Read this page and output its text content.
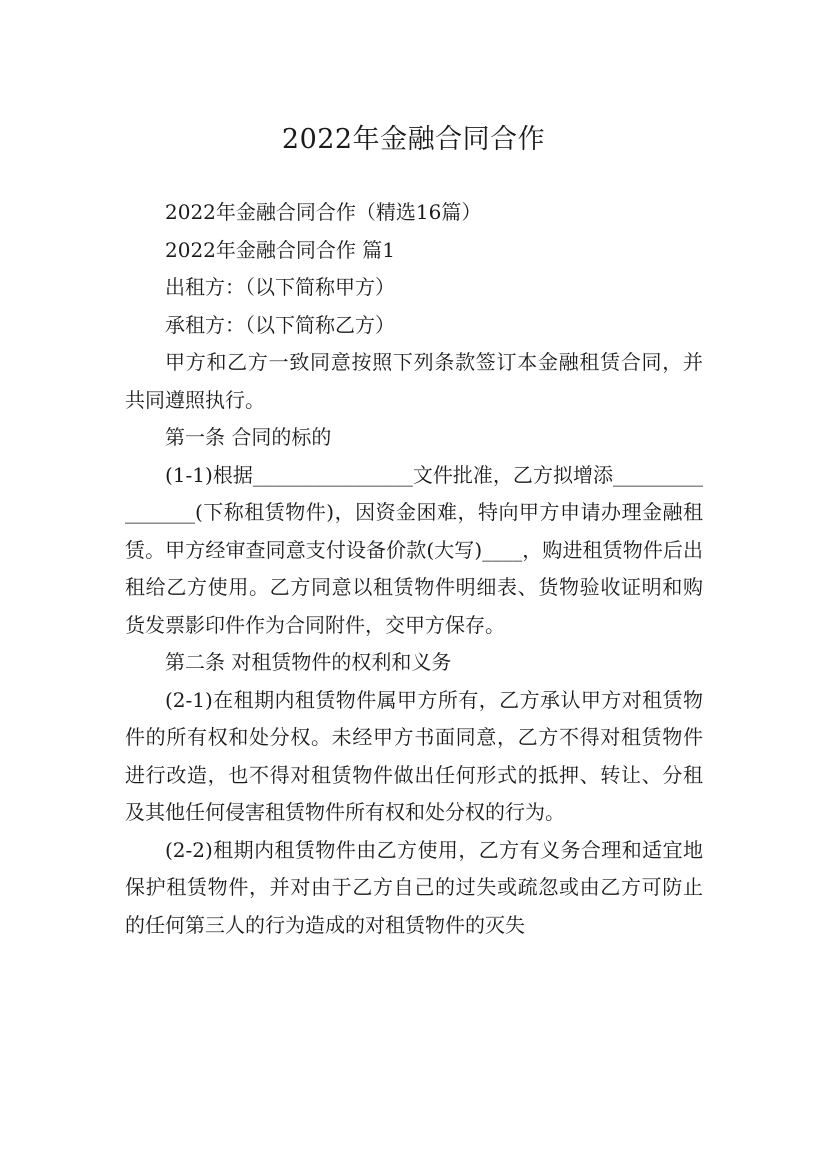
2022年金融合同合作

2022年金融合同合作（精选16篇）

2022年金融合同合作 篇1

出租方：（以下简称甲方）

承租方：（以下简称乙方）

甲方和乙方一致同意按照下列条款签订本金融租赁合同，并共同遵照执行。

第一条 合同的标的

(1-1)根据________________文件批准，乙方拟增添________________(下称租赁物件)，因资金困难，特向甲方申请办理金融租赁。甲方经审查同意支付设备价款(大写)____，购进租赁物件后出租给乙方使用。乙方同意以租赁物件明细表、货物验收证明和购货发票影印件作为合同附件，交甲方保存。

第二条 对租赁物件的权利和义务

(2-1)在租期内租赁物件属甲方所有，乙方承认甲方对租赁物件的所有权和处分权。未经甲方书面同意，乙方不得对租赁物件进行改造，也不得对租赁物件做出任何形式的抵押、转让、分租及其他任何侵害租赁物件所有权和处分权的行为。

(2-2)租期内租赁物件由乙方使用，乙方有义务合理和适宜地保护租赁物件，并对由于乙方自己的过失或疏忽或由乙方可防止的任何第三人的行为造成的对租赁物件的灭失
